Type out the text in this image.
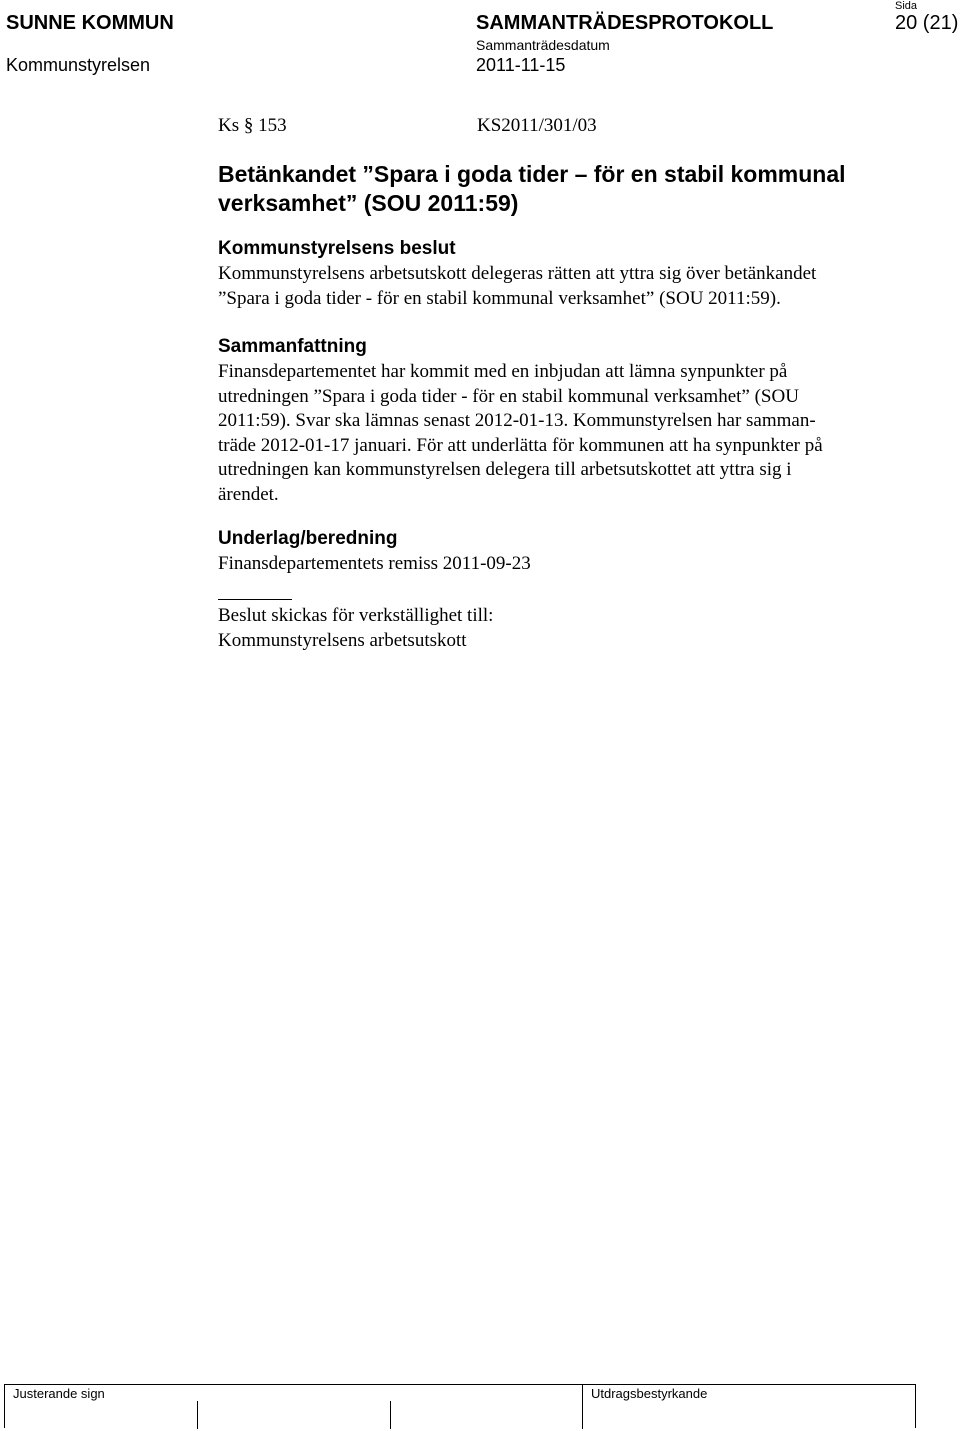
SUNNE KOMMUN
Kommunstyrelsen
SAMMANTRÄDESPROTOKOLL
Sammanträdesdatum
2011-11-15
Sida
20 (21)
Ks § 153	KS2011/301/03
Betänkandet ”Spara i goda tider – för en stabil kommunal
verksamhet” (SOU 2011:59)
Kommunstyrelsens beslut
Kommunstyrelsens arbetsutskott delegeras rätten att yttra sig över betänkandet
”Spara i goda tider - för en stabil kommunal verksamhet” (SOU 2011:59).
Sammanfattning
Finansdepartementet har kommit med en inbjudan att lämna synpunkter på
utredningen ”Spara i goda tider - för en stabil kommunal verksamhet” (SOU
2011:59). Svar ska lämnas senast 2012-01-13. Kommunstyrelsen har samman-
träde 2012-01-17 januari. För att underlätta för kommunen att ha synpunkter på
utredningen kan kommunstyrelsen delegera till arbetsutskottet att yttra sig i
ärendet.
Underlag/beredning
Finansdepartementets remiss 2011-09-23
Beslut skickas för verkställighet till:
Kommunstyrelsens arbetsutskott
Justerande sign	Utdragsbestyrkande
